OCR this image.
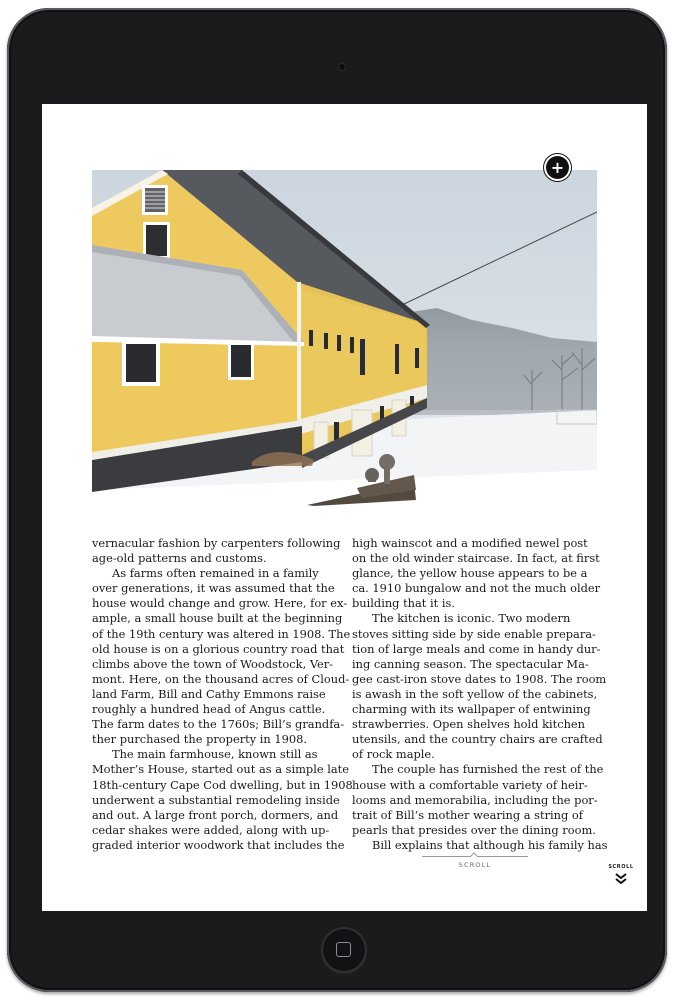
+
vernacular fashion by carpenters following
age-old patterns and customs.
As farms often remained in a family
over generations, it was assumed that the
house would change and grow. Here, for ex-
ample, a small house built at the beginning
of the 19th century was altered in 1908. The
old house is on a glorious country road that
climbs above the town of Woodstock, Ver-
mont. Here, on the thousand acres of Cloud-
land Farm, Bill and Cathy Emmons raise
roughly a hundred head of Angus cattle.
The farm dates to the 1760s; Bill’s grandfa-
ther purchased the property in 1908.
The main farmhouse, known still as
Mother’s House, started out as a simple late
18th-century Cape Cod dwelling, but in 1908
underwent a substantial remodeling inside
and out. A large front porch, dormers, and
cedar shakes were added, along with up-
graded interior woodwork that includes the
high wainscot and a modified newel post
on the old winder staircase. In fact, at first
glance, the yellow house appears to be a
ca. 1910 bungalow and not the much older
building that it is.
The kitchen is iconic. Two modern
stoves sitting side by side enable prepara-
tion of large meals and come in handy dur-
ing canning season. The spectacular Ma-
gee cast-iron stove dates to 1908. The room
is awash in the soft yellow of the cabinets,
charming with its wallpaper of entwining
strawberries. Open shelves hold kitchen
utensils, and the country chairs are crafted
of rock maple.
The couple has furnished the rest of the
house with a comfortable variety of heir-
looms and memorabilia, including the por-
trait of Bill’s mother wearing a string of
pearls that presides over the dining room.
Bill explains that although his family has
SCROLL	SCROLL
